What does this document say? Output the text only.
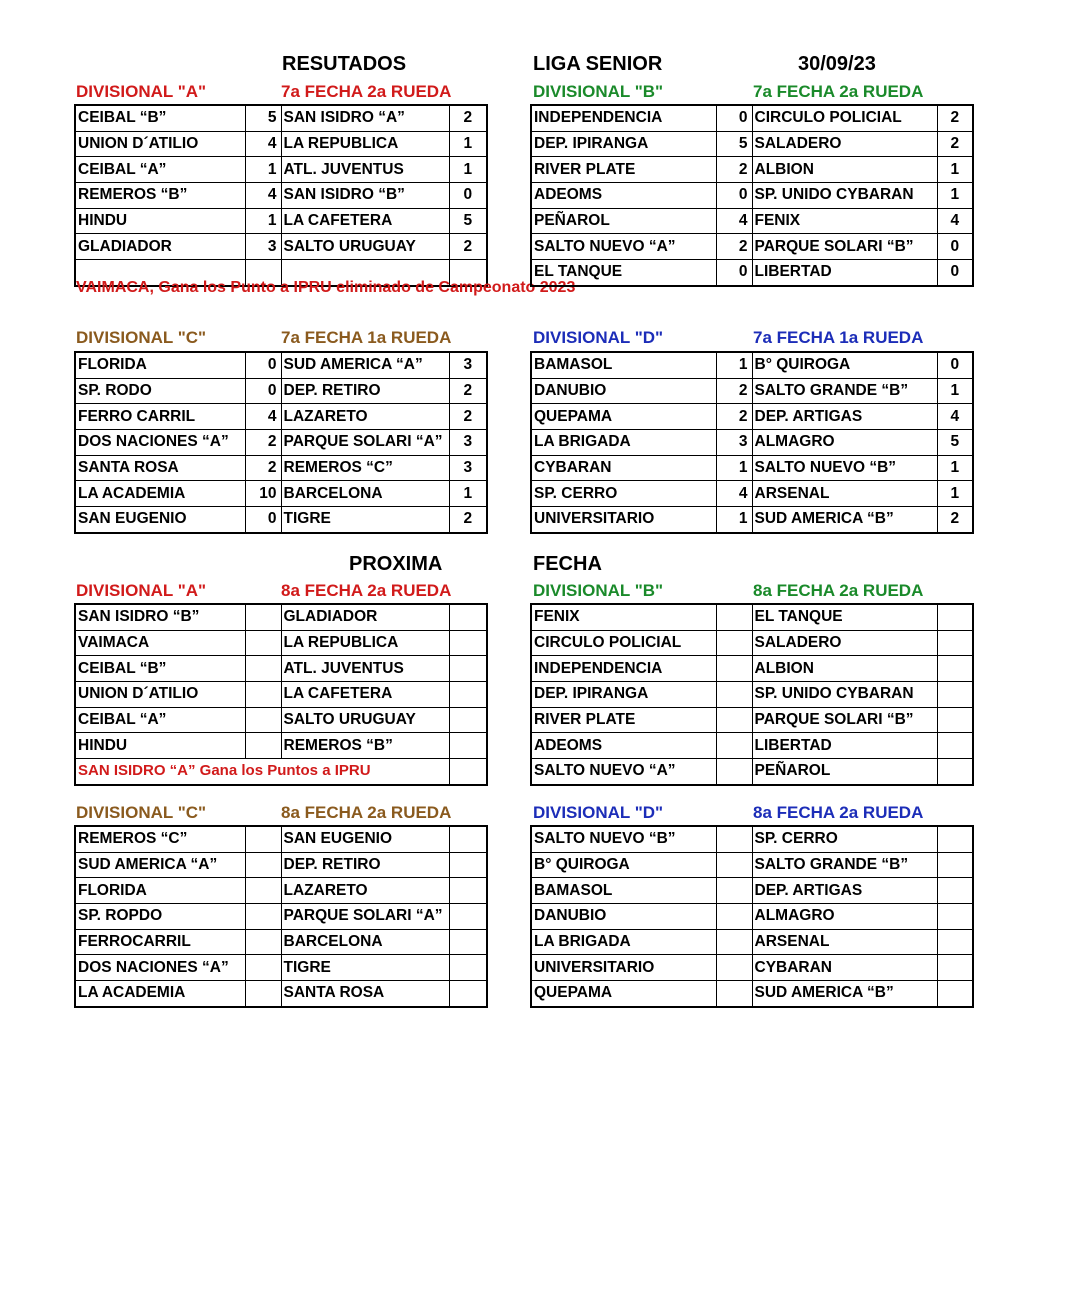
RESUTADOS	LIGA SENIOR	30/09/23
DIVISIONAL "A"	7a FECHA 2a RUEDA
CEIBAL “B”	5	SAN ISIDRO “A”	2
UNION D´ATILIO	4	LA REPUBLICA	1
CEIBAL “A”	1	ATL. JUVENTUS	1
REMEROS “B”	4	SAN ISIDRO “B”	0
HINDU	1	LA CAFETERA	5
GLADIADOR	3	SALTO URUGUAY	2

VAIMACA, Gana los Punto a IPRU eliminado de Campeonato 2023
DIVISIONAL "B"	7a FECHA 2a RUEDA
INDEPENDENCIA	0	CIRCULO POLICIAL	2
DEP. IPIRANGA	5	SALADERO	2
RIVER PLATE	2	ALBION	1
ADEOMS	0	SP. UNIDO CYBARAN	1
PEÑAROL	4	FENIX	4
SALTO NUEVO “A”	2	PARQUE SOLARI “B”	0
EL TANQUE	0	LIBERTAD	0
DIVISIONAL "C"	7a FECHA 1a RUEDA
FLORIDA	0	SUD AMERICA “A”	3
SP. RODO	0	DEP. RETIRO	2
FERRO CARRIL	4	LAZARETO	2
DOS NACIONES “A”	2	PARQUE SOLARI “A”	3
SANTA ROSA	2	REMEROS “C”	3
LA ACADEMIA	10	BARCELONA	1
SAN EUGENIO	0	TIGRE	2
DIVISIONAL "D"	7a FECHA 1a RUEDA
BAMASOL	1	B° QUIROGA	0
DANUBIO	2	SALTO GRANDE “B”	1
QUEPAMA	2	DEP. ARTIGAS	4
LA BRIGADA	3	ALMAGRO	5
CYBARAN	1	SALTO NUEVO “B”	1
SP. CERRO	4	ARSENAL	1
UNIVERSITARIO	1	SUD AMERICA “B”	2
PROXIMA	FECHA
DIVISIONAL "A"	8a FECHA 2a RUEDA
SAN ISIDRO “B”		GLADIADOR	
VAIMACA		LA REPUBLICA	
CEIBAL “B”		ATL. JUVENTUS	
UNION D´ATILIO		LA CAFETERA	
CEIBAL “A”		SALTO URUGUAY	
HINDU		REMEROS “B”	
SAN ISIDRO “A” Gana los Puntos a IPRU			
DIVISIONAL "B"	8a FECHA 2a RUEDA
FENIX		EL TANQUE	
CIRCULO POLICIAL		SALADERO	
INDEPENDENCIA		ALBION	
DEP. IPIRANGA		SP. UNIDO CYBARAN	
RIVER PLATE		PARQUE SOLARI “B”	
ADEOMS		LIBERTAD	
SALTO NUEVO “A”		PEÑAROL	
DIVISIONAL "C"	8a FECHA 2a RUEDA
REMEROS “C”		SAN EUGENIO	
SUD AMERICA “A”		DEP. RETIRO	
FLORIDA		LAZARETO	
SP. ROPDO		PARQUE SOLARI “A”	
FERROCARRIL		BARCELONA	
DOS NACIONES “A”		TIGRE	
LA ACADEMIA		SANTA ROSA	
DIVISIONAL "D"	8a FECHA 2a RUEDA
SALTO NUEVO “B”		SP. CERRO	
B° QUIROGA		SALTO GRANDE “B”	
BAMASOL		DEP. ARTIGAS	
DANUBIO		ALMAGRO	
LA BRIGADA		ARSENAL	
UNIVERSITARIO		CYBARAN	
QUEPAMA		SUD AMERICA “B”	
